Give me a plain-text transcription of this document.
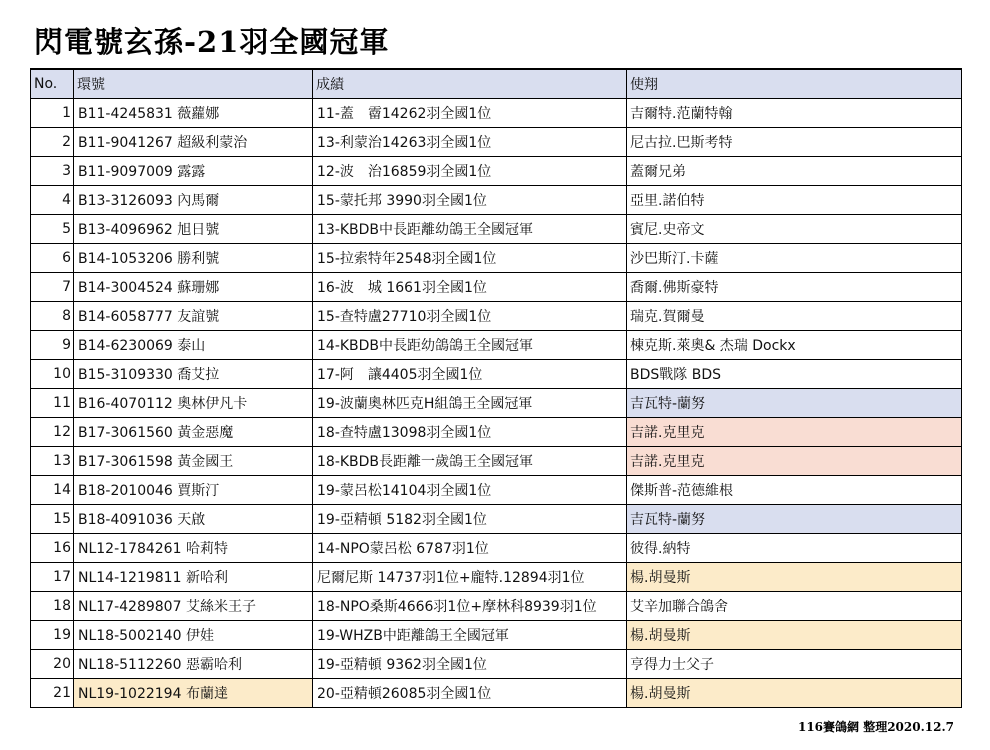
閃電號玄孫-21羽全國冠軍
No.	環號	成績	使翔
1	B11-4245831 薇蘿娜	11-蓋　霤14262羽全國1位	吉爾特.范蘭特翰
2	B11-9041267 超級利蒙治	13-利蒙治14263羽全國1位	尼古拉.巴斯考特
3	B11-9097009 露露	12-波　治16859羽全國1位	蓋爾兄弟
4	B13-3126093 內馬爾	15-蒙托邦 3990羽全國1位	亞里.諾伯特
5	B13-4096962 旭日號	13-KBDB中長距離幼鴿王全國冠軍	賓尼.史帝文
6	B14-1053206 勝利號	15-拉索特年2548羽全國1位	沙巴斯汀.卡薩
7	B14-3004524 蘇珊娜	16-波　城 1661羽全國1位	喬爾.佛斯豪特
8	B14-6058777 友誼號	15-查特盧27710羽全國1位	瑞克.賀爾曼
9	B14-6230069 泰山	14-KBDB中長距幼鴿鴿王全國冠軍	棟克斯.萊奧& 杰瑞 Dockx
10	B15-3109330 喬艾拉	17-阿　讓4405羽全國1位	BDS戰隊 BDS
11	B16-4070112 奧林伊凡卡	19-波蘭奧林匹克H組鴿王全國冠軍	吉瓦特-蘭努
12	B17-3061560 黃金惡魔	18-查特盧13098羽全國1位	吉諾.克里克
13	B17-3061598 黃金國王	18-KBDB長距離一歲鴿王全國冠軍	吉諾.克里克
14	B18-2010046 賈斯汀	19-蒙呂松14104羽全國1位	傑斯普-范德維根
15	B18-4091036 天啟	19-亞精頓 5182羽全國1位	吉瓦特-蘭努
16	NL12-1784261 哈莉特	14-NPO蒙呂松 6787羽1位	彼得.納特
17	NL14-1219811 新哈利	尼爾尼斯 14737羽1位+龐特.12894羽1位	楊.胡曼斯
18	NL17-4289807 艾絲米王子	18-NPO桑斯4666羽1位+摩林科8939羽1位	艾辛加聯合鴿舍
19	NL18-5002140 伊娃	19-WHZB中距離鴿王全國冠軍	楊.胡曼斯
20	NL18-5112260 惡霸哈利	19-亞精頓 9362羽全國1位	亨得力士父子
21	NL19-1022194 布蘭達	20-亞精頓26085羽全國1位	楊.胡曼斯
116賽鴿網 整理2020.12.7
